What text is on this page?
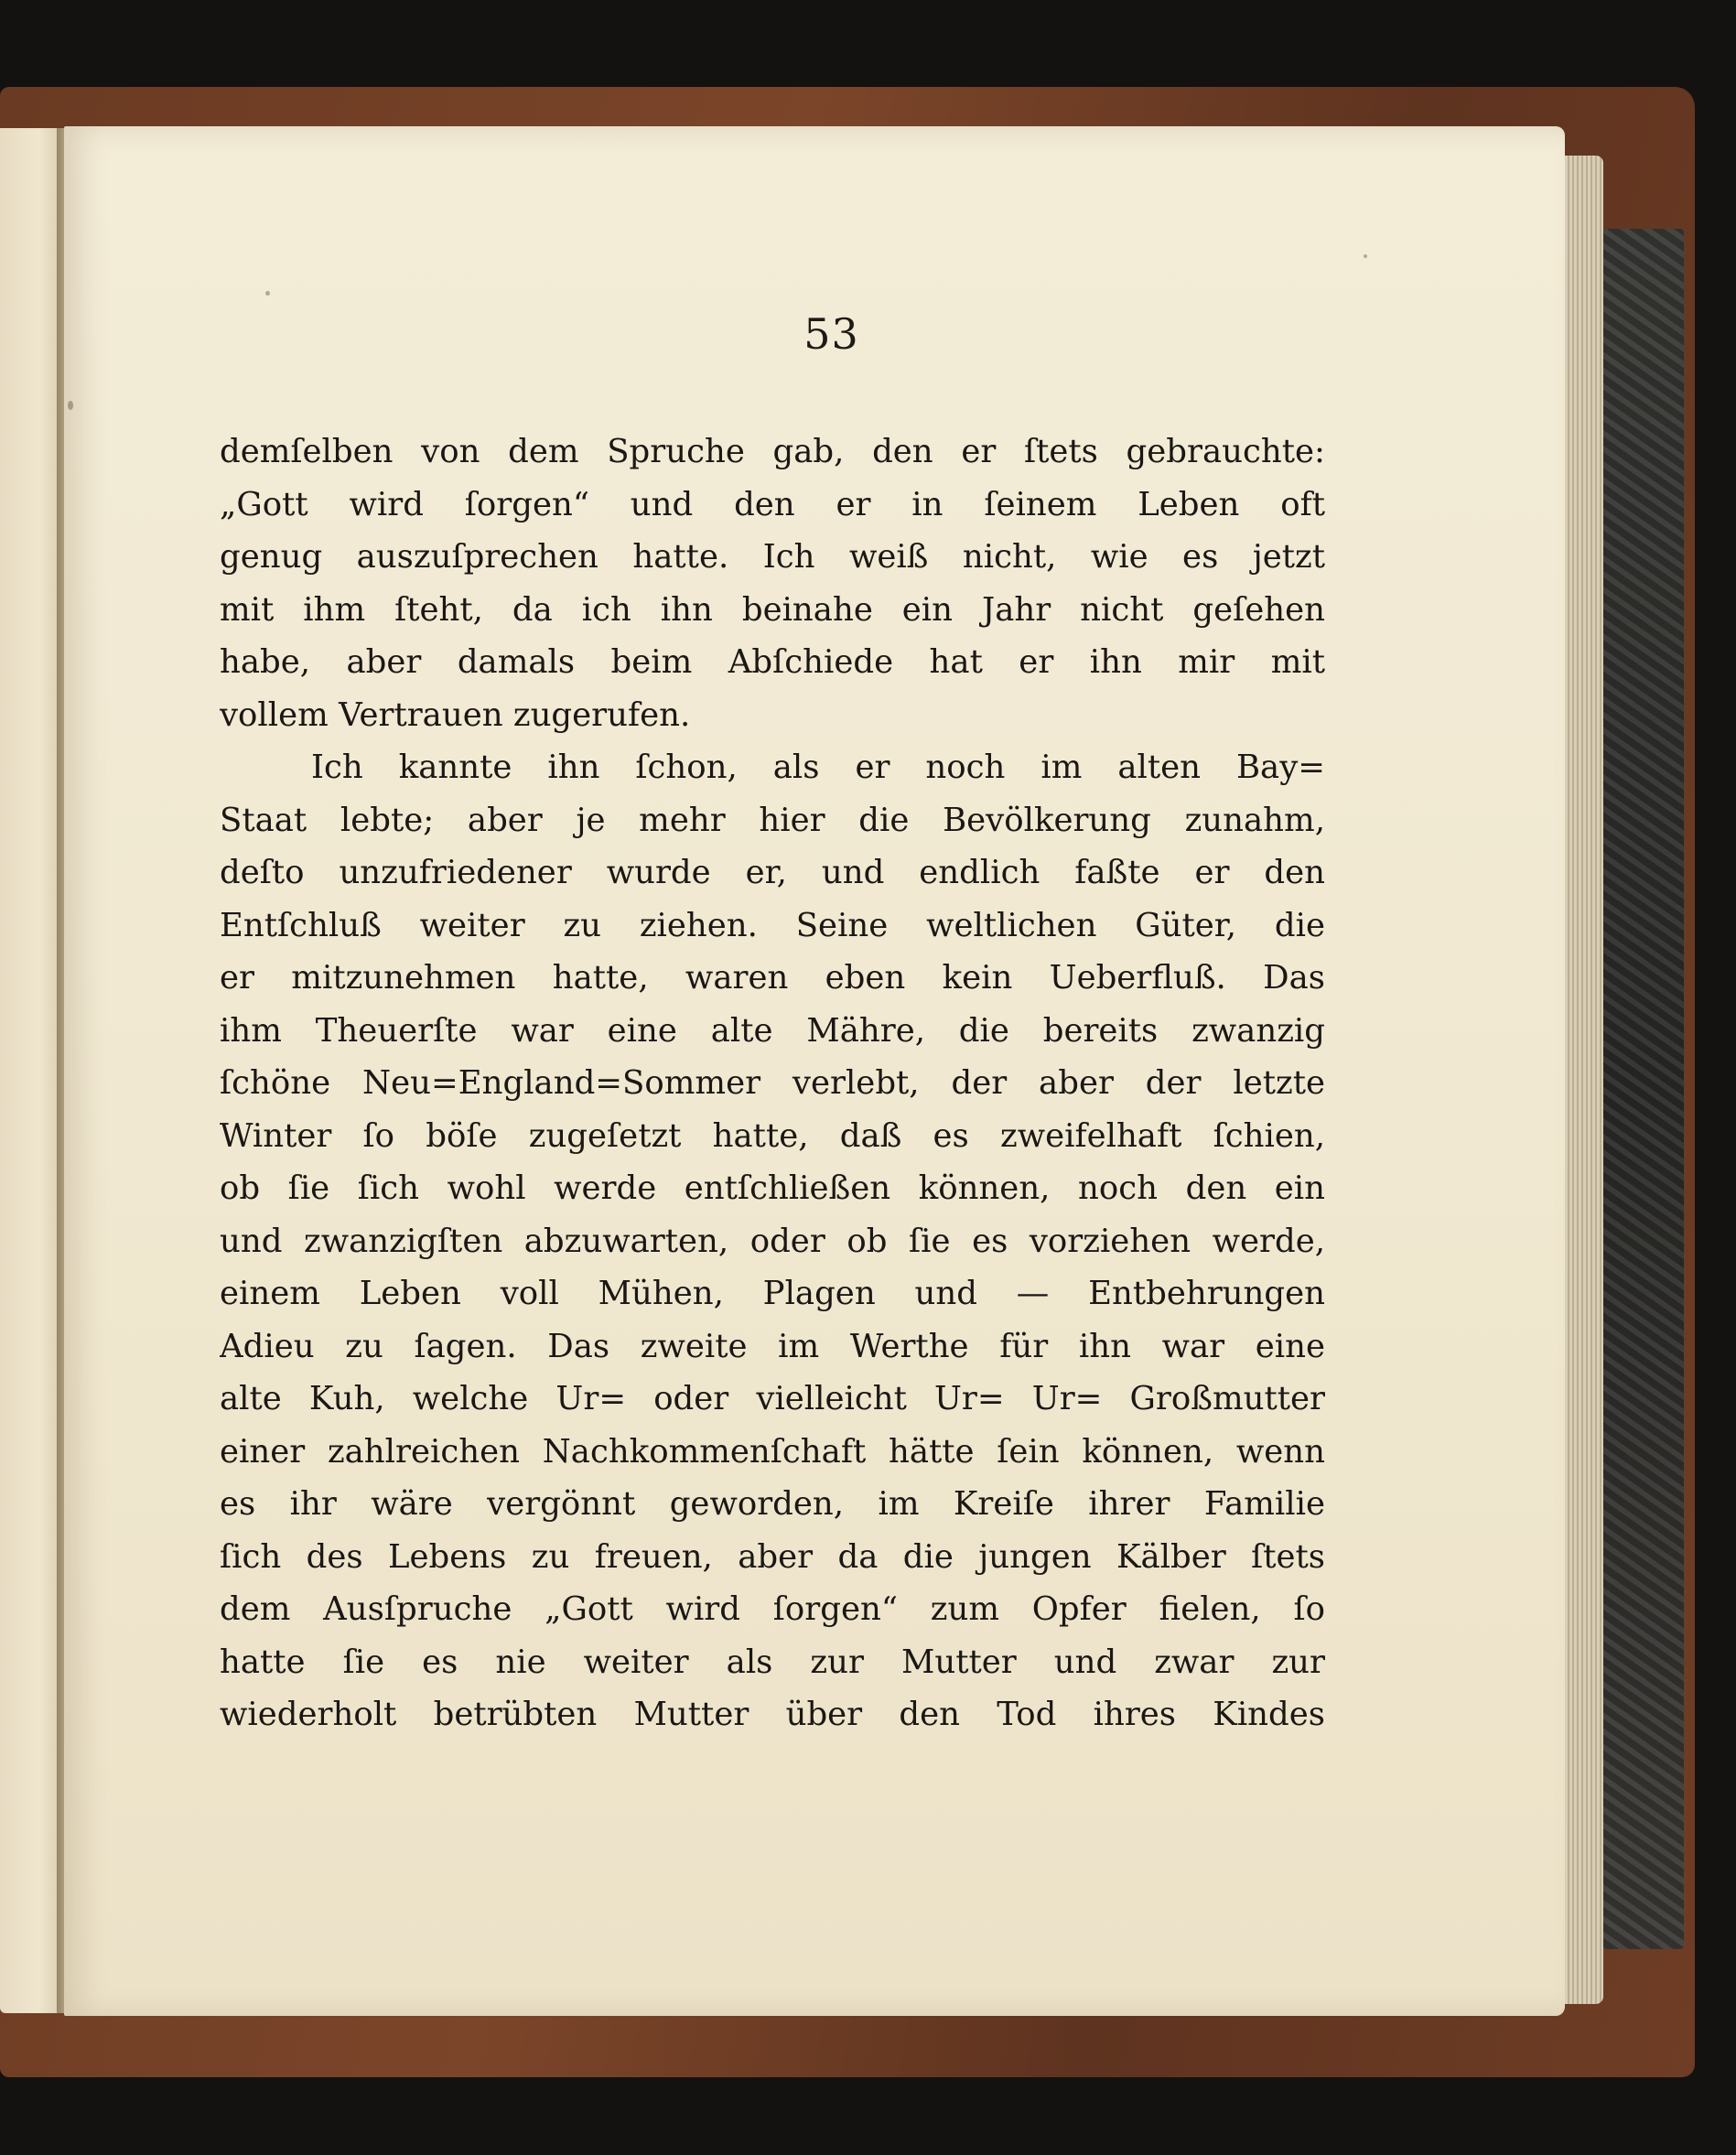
53
demſelben von dem Spruche gab, den er ſtets gebrauchte:
„Gott wird ſorgen“ und den er in ſeinem Leben oft
genug auszuſprechen hatte. Ich weiß nicht, wie es jetzt
mit ihm ſteht, da ich ihn beinahe ein Jahr nicht geſehen
habe, aber damals beim Abſchiede hat er ihn mir mit
vollem Vertrauen zugerufen.
Ich kannte ihn ſchon, als er noch im alten Bay=
Staat lebte; aber je mehr hier die Bevölkerung zunahm,
deſto unzufriedener wurde er, und endlich faßte er den
Entſchluß weiter zu ziehen. Seine weltlichen Güter, die
er mitzunehmen hatte, waren eben kein Ueberfluß. Das
ihm Theuerſte war eine alte Mähre, die bereits zwanzig
ſchöne Neu=England=Sommer verlebt, der aber der letzte
Winter ſo böſe zugeſetzt hatte, daß es zweifelhaft ſchien,
ob ſie ſich wohl werde entſchließen können, noch den ein
und zwanzigſten abzuwarten, oder ob ſie es vorziehen werde,
einem Leben voll Mühen, Plagen und — Entbehrungen
Adieu zu ſagen. Das zweite im Werthe für ihn war eine
alte Kuh, welche Ur= oder vielleicht Ur= Ur= Großmutter
einer zahlreichen Nachkommenſchaft hätte ſein können, wenn
es ihr wäre vergönnt geworden, im Kreiſe ihrer Familie
ſich des Lebens zu freuen, aber da die jungen Kälber ſtets
dem Ausſpruche „Gott wird ſorgen“ zum Opfer fielen, ſo
hatte ſie es nie weiter als zur Mutter und zwar zur
wiederholt betrübten Mutter über den Tod ihres Kindes
